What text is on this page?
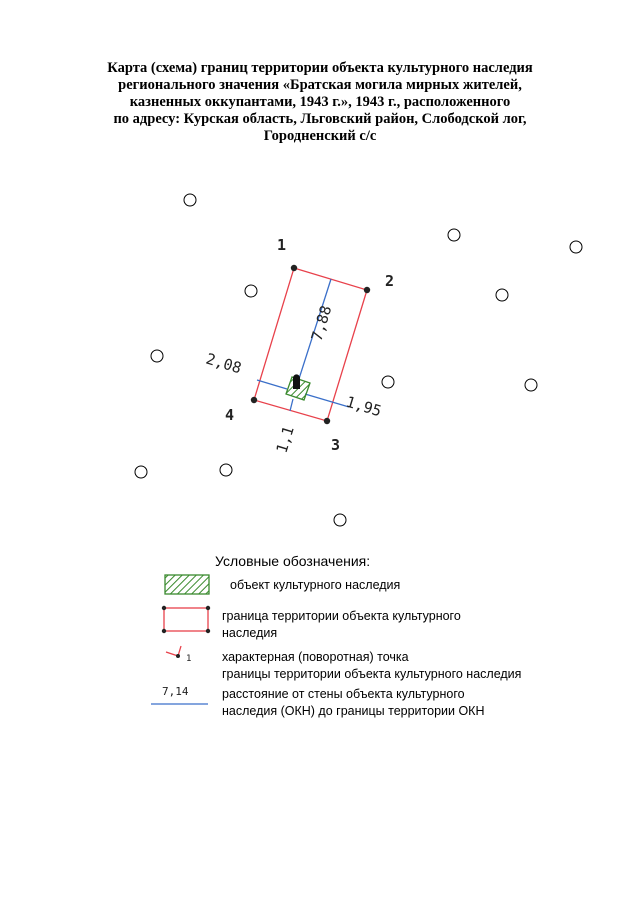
Карта (схема) границ территории объекта культурного наследия
регионального значения «Братская могила мирных жителей,
казненных оккупантами, 1943 г.», 1943 г., расположенного
по адресу: Курская область, Льговский район, Слободской лог,
Городненский с/с
1
2
3
4
7,88
2,08
1,95
1,1
1
7,14
Условные обозначения:
объект культурного наследия
граница территории объекта культурного
наследия
характерная (поворотная) точка
границы территории объекта культурного наследия
расстояние от стены объекта культурного
наследия (ОКН) до границы территории ОКН
